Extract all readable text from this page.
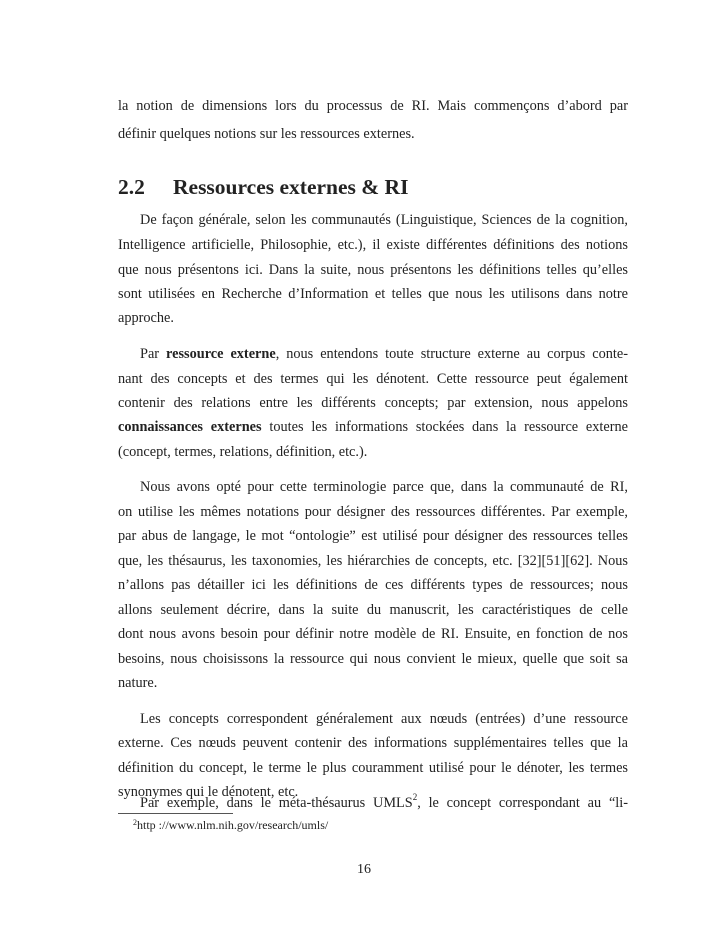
la notion de dimensions lors du processus de RI. Mais commençons d’abord par
définir quelques notions sur les ressources externes.
2.2 Ressources externes & RI
De façon générale, selon les communautés (Linguistique, Sciences de la cognition,
Intelligence artificielle, Philosophie, etc.), il existe différentes définitions des notions
que nous présentons ici. Dans la suite, nous présentons les définitions telles qu’elles
sont utilisées en Recherche d’Information et telles que nous les utilisons dans notre
approche.
Par ressource externe, nous entendons toute structure externe au corpus conte-
nant des concepts et des termes qui les dénotent. Cette ressource peut également
contenir des relations entre les différents concepts; par extension, nous appelons
connaissances externes toutes les informations stockées dans la ressource externe
(concept, termes, relations, définition, etc.).
Nous avons opté pour cette terminologie parce que, dans la communauté de RI,
on utilise les mêmes notations pour désigner des ressources différentes. Par exemple,
par abus de langage, le mot “ontologie” est utilisé pour désigner des ressources telles
que, les thésaurus, les taxonomies, les hiérarchies de concepts, etc. [32][51][62]. Nous
n’allons pas détailler ici les définitions de ces différents types de ressources; nous
allons seulement décrire, dans la suite du manuscrit, les caractéristiques de celle
dont nous avons besoin pour définir notre modèle de RI. Ensuite, en fonction de nos
besoins, nous choisissons la ressource qui nous convient le mieux, quelle que soit sa
nature.
Les concepts correspondent généralement aux nœuds (entrées) d’une ressource
externe. Ces nœuds peuvent contenir des informations supplémentaires telles que la
définition du concept, le terme le plus couramment utilisé pour le dénoter, les termes
synonymes qui le dénotent, etc.
Par exemple, dans le méta-thésaurus UMLS$^2$, le concept correspondant au “li-
$^2$http ://www.nlm.nih.gov/research/umls/
16
